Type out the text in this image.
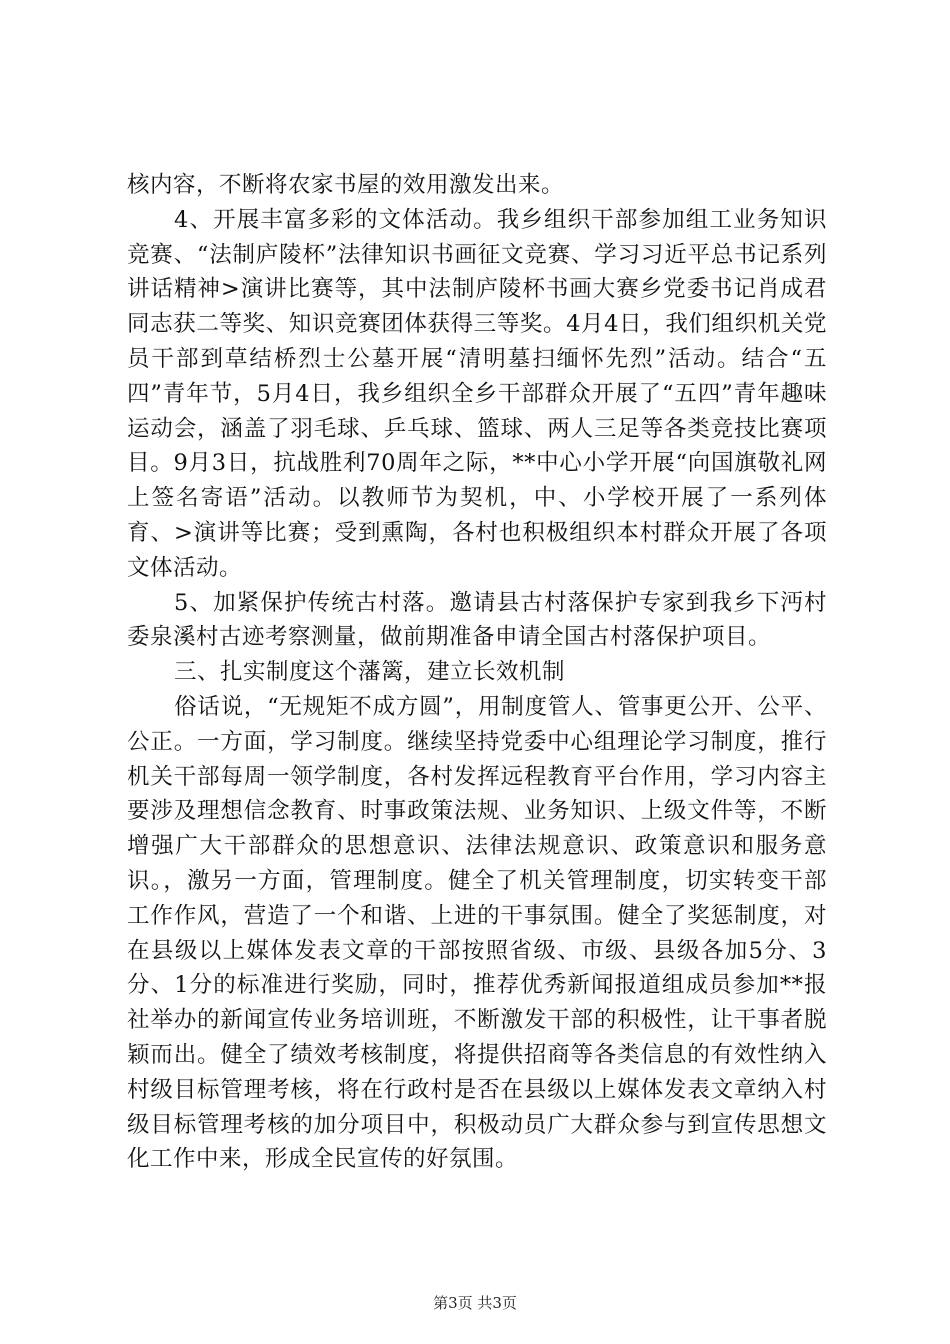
核内容，不断将农家书屋的效用激发出来。

4、开展丰富多彩的文体活动。我乡组织干部参加组工业务知识竞赛、“法制庐陵杯”法律知识书画征文竞赛、学习习近平总书记系列讲话精神>演讲比赛等，其中法制庐陵杯书画大赛乡党委书记肖成君同志获二等奖、知识竞赛团体获得三等奖。4月4日，我们组织机关党员干部到草结桥烈士公墓开展“清明墓扫缅怀先烈”活动。结合“五四”青年节，5月4日，我乡组织全乡干部群众开展了“五四”青年趣味运动会，涵盖了羽毛球、乒乓球、篮球、两人三足等各类竞技比赛项目。9月3日，抗战胜利70周年之际，**中心小学开展“向国旗敬礼网上签名寄语”活动。以教师节为契机，中、小学校开展了一系列体育、>演讲等比赛；受到熏陶，各村也积极组织本村群众开展了各项文体活动。

5、加紧保护传统古村落。邀请县古村落保护专家到我乡下沔村委泉溪村古迹考察测量，做前期准备申请全国古村落保护项目。

三、扎实制度这个藩篱，建立长效机制

俗话说，“无规矩不成方圆”，用制度管人、管事更公开、公平、公正。一方面，学习制度。继续坚持党委中心组理论学习制度，推行机关干部每周一领学制度，各村发挥远程教育平台作用，学习内容主要涉及理想信念教育、时事政策法规、业务知识、上级文件等，不断增强广大干部群众的思想意识、法律法规意识、政策意识和服务意识。，激另一方面，管理制度。健全了机关管理制度，切实转变干部工作作风，营造了一个和谐、上进的干事氛围。健全了奖惩制度，对在县级以上媒体发表文章的干部按照省级、市级、县级各加5分、3分、1分的标准进行奖励，同时，推荐优秀新闻报道组成员参加**报社举办的新闻宣传业务培训班，不断激发干部的积极性，让干事者脱颖而出。健全了绩效考核制度，将提供招商等各类信息的有效性纳入村级目标管理考核，将在行政村是否在县级以上媒体发表文章纳入村级目标管理考核的加分项目中，积极动员广大群众参与到宣传思想文化工作中来，形成全民宣传的好氛围。

第3页 共3页
